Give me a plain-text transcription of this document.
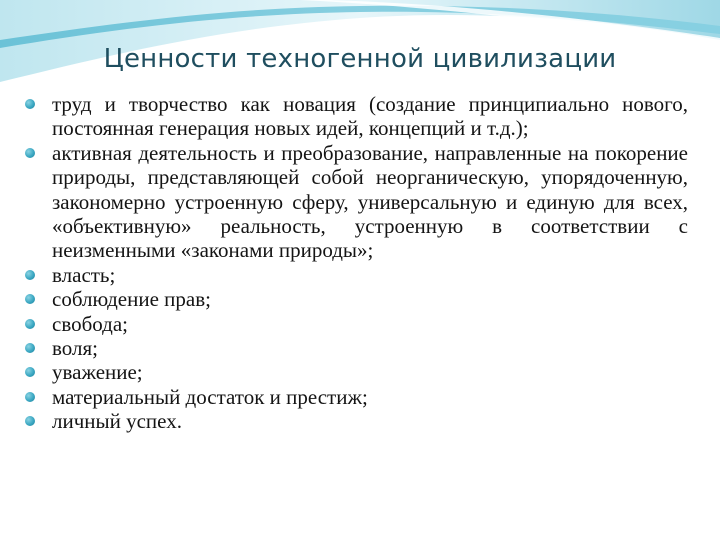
Ценности техногенной цивилизации
труд и творчество как новация (создание принципиально нового, постоянная генерация новых идей, концепций и т.д.);
активная деятельность и преобразование, направленные на покорение природы, представляющей собой неорганическую, упорядоченную, закономерно устроенную сферу, универсальную и единую для всех, «объективную» реальность, устроенную в соответствии с неизменными «законами природы»;
власть;
соблюдение прав;
свобода;
воля;
уважение;
материальный достаток и престиж;
личный успех.
